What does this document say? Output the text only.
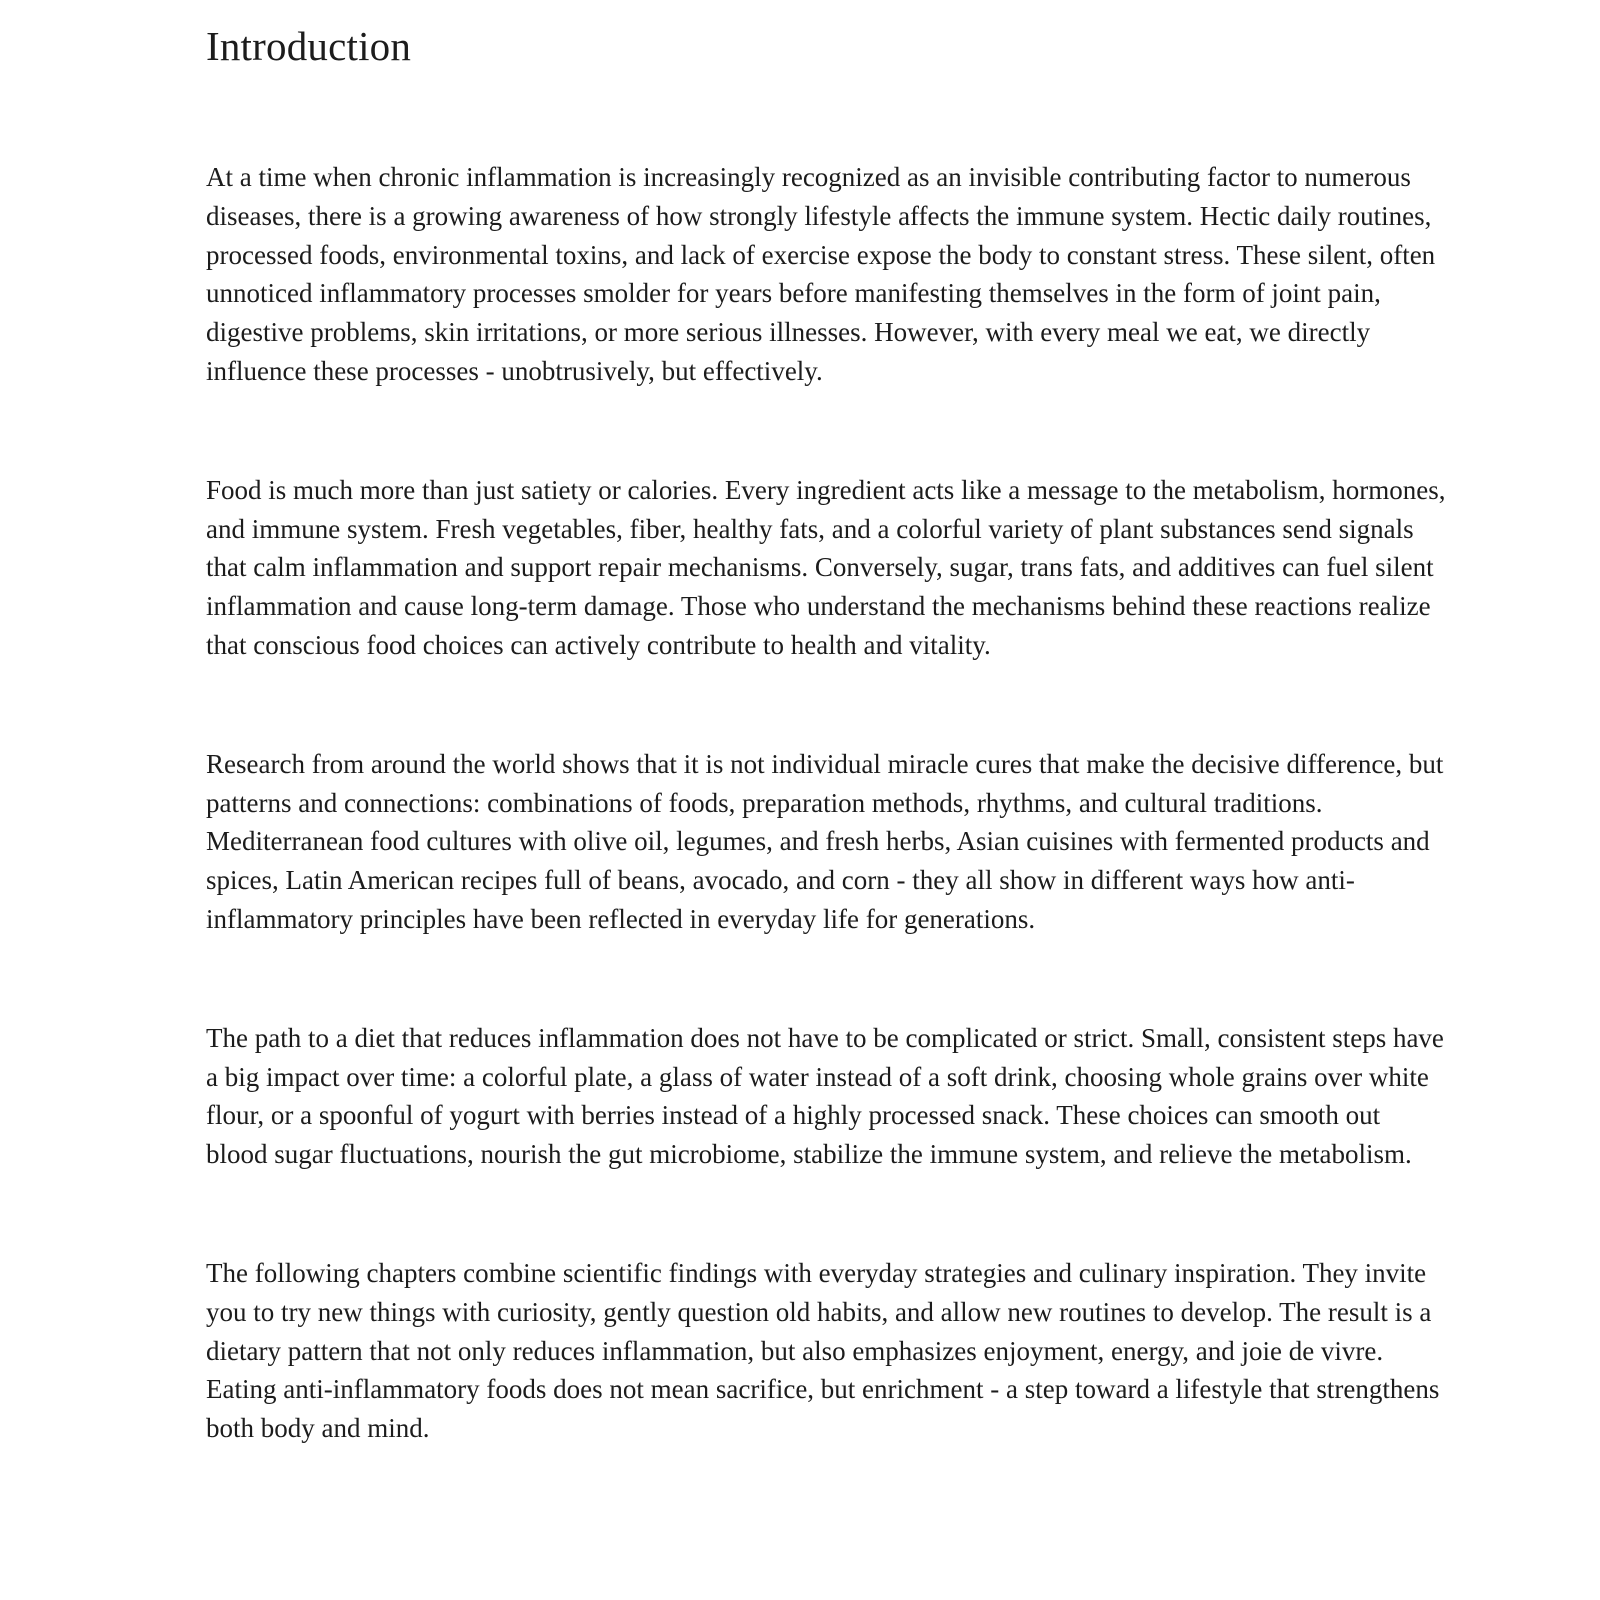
Introduction

At a time when chronic inflammation is increasingly recognized as an invisible contributing factor to numerous diseases, there is a growing awareness of how strongly lifestyle affects the immune system. Hectic daily routines, processed foods, environmental toxins, and lack of exercise expose the body to constant stress. These silent, often unnoticed inflammatory processes smolder for years before manifesting themselves in the form of joint pain, digestive problems, skin irritations, or more serious illnesses. However, with every meal we eat, we directly influence these processes - unobtrusively, but effectively.

Food is much more than just satiety or calories. Every ingredient acts like a message to the metabolism, hormones, and immune system. Fresh vegetables, fiber, healthy fats, and a colorful variety of plant substances send signals that calm inflammation and support repair mechanisms. Conversely, sugar, trans fats, and additives can fuel silent inflammation and cause long-term damage. Those who understand the mechanisms behind these reactions realize that conscious food choices can actively contribute to health and vitality.

Research from around the world shows that it is not individual miracle cures that make the decisive difference, but patterns and connections: combinations of foods, preparation methods, rhythms, and cultural traditions. Mediterranean food cultures with olive oil, legumes, and fresh herbs, Asian cuisines with fermented products and spices, Latin American recipes full of beans, avocado, and corn - they all show in different ways how anti-inflammatory principles have been reflected in everyday life for generations.

The path to a diet that reduces inflammation does not have to be complicated or strict. Small, consistent steps have a big impact over time: a colorful plate, a glass of water instead of a soft drink, choosing whole grains over white flour, or a spoonful of yogurt with berries instead of a highly processed snack. These choices can smooth out blood sugar fluctuations, nourish the gut microbiome, stabilize the immune system, and relieve the metabolism.

The following chapters combine scientific findings with everyday strategies and culinary inspiration. They invite you to try new things with curiosity, gently question old habits, and allow new routines to develop. The result is a dietary pattern that not only reduces inflammation, but also emphasizes enjoyment, energy, and joie de vivre. Eating anti-inflammatory foods does not mean sacrifice, but enrichment - a step toward a lifestyle that strengthens both body and mind.
